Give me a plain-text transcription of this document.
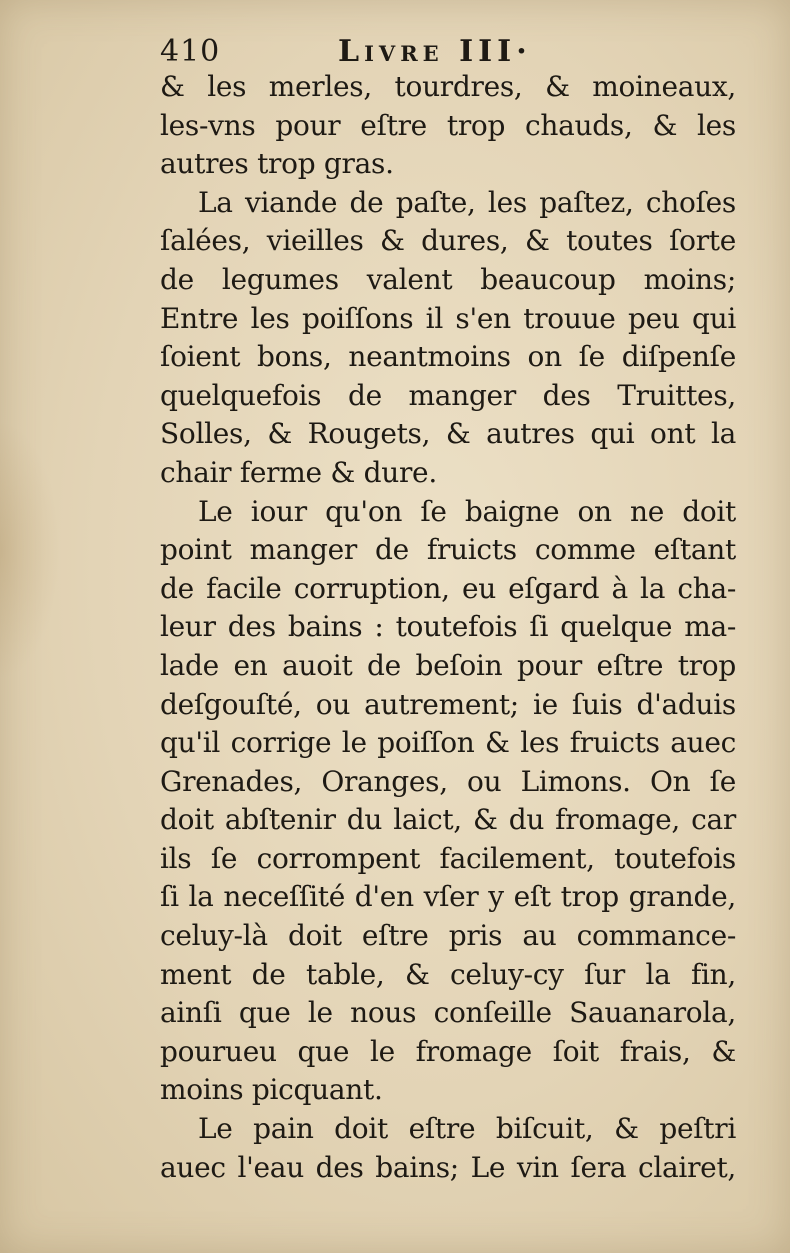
410	Livre III·
& les merles, tourdres, & moineaux,
les-vns pour eſtre trop chauds, & les
autres trop gras.
La viande de paſte, les paſtez, choſes
ſalées, vieilles & dures, & toutes ſorte
de legumes valent beaucoup moins;
Entre les poiſſons il s'en trouue peu qui
ſoient bons, neantmoins on ſe diſpenſe
quelquefois de manger des Truittes,
Solles, & Rougets, & autres qui ont la
chair ferme & dure.
Le iour qu'on ſe baigne on ne doit
point manger de fruicts comme eſtant
de facile corruption, eu eſgard à la cha-
leur des bains : toutefois ſi quelque ma-
lade en auoit de beſoin pour eſtre trop
deſgouſté, ou autrement; ie ſuis d'aduis
qu'il corrige le poiſſon & les fruicts auec
Grenades, Oranges, ou Limons. On ſe
doit abſtenir du laict, & du fromage, car
ils ſe corrompent facilement, toutefois
ſi la neceſſité d'en vſer y eſt trop grande,
celuy-là doit eſtre pris au commance-
ment de table, & celuy-cy ſur la fin,
ainſi que le nous conſeille Sauanarola,
pourueu que le fromage ſoit frais, &
moins picquant.
Le pain doit eſtre biſcuit, & peſtri
auec l'eau des bains; Le vin ſera clairet,
